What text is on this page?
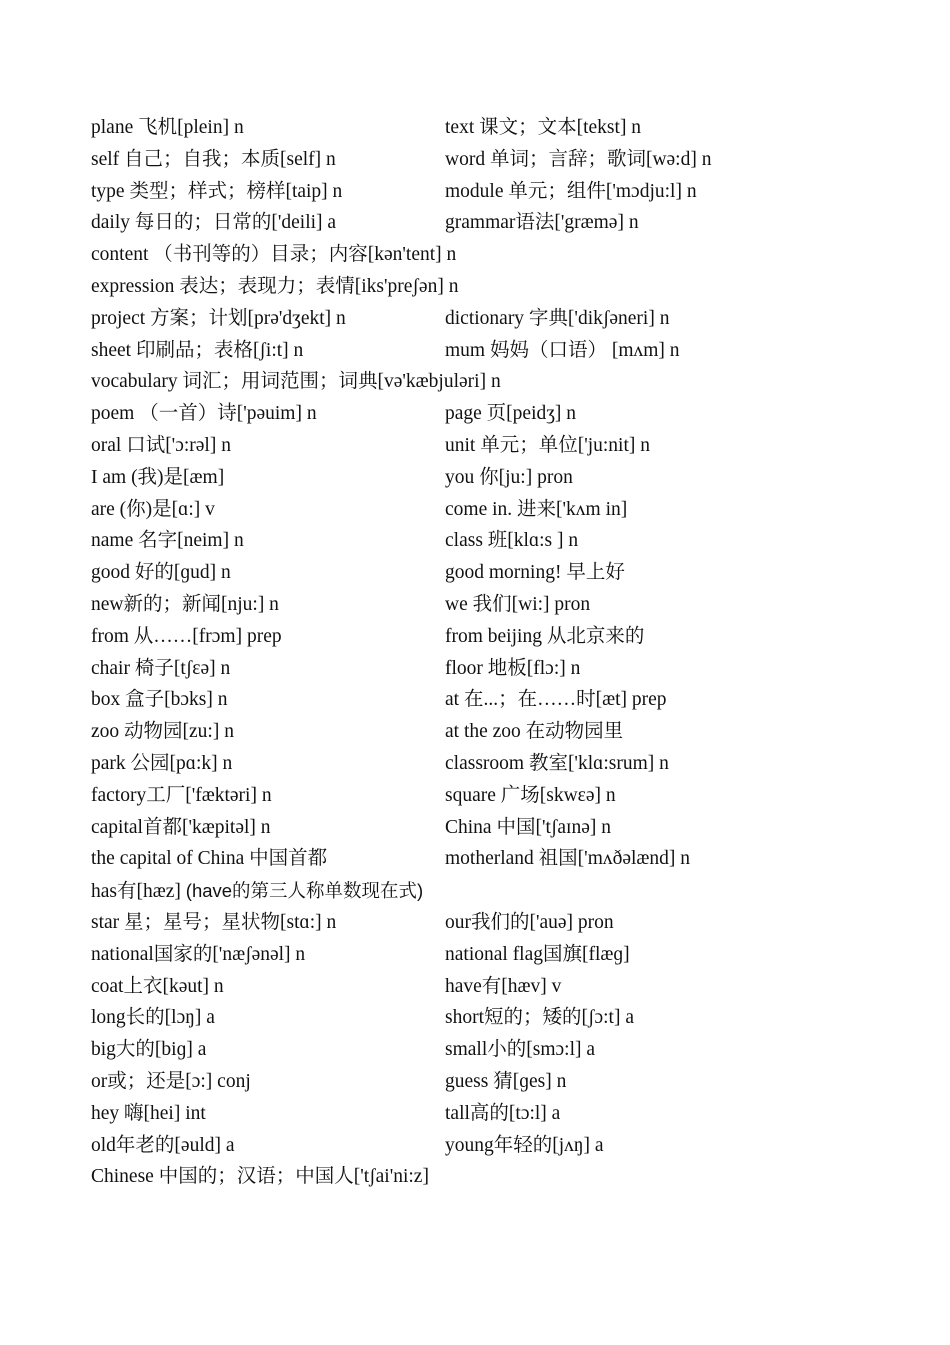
plane 飞机[plein] n	text 课文；文本[tekst] n
self 自己；自我；本质[self] n	word 单词；言辞；歌词[wə:d] n
type 类型；样式；榜样[taip] n	module 单元；组件['mɔdju:l] n
daily 每日的；日常的['deili] a	grammar语法['græmə] n
content （书刊等的）目录；内容[kən'tent] n
expression 表达；表现力；表情[iks'preʃən] n
project 方案；计划[prə'dʒekt] n	dictionary 字典['dikʃəneri] n
sheet 印刷品；表格[ʃi:t] n	mum 妈妈（口语） [mʌm] n
vocabulary 词汇；用词范围；词典[və'kæbjuləri] n
poem （一首）诗['pəuim] n	page 页[peidʒ] n
oral 口试['ɔ:rəl] n	unit 单元；单位['ju:nit] n
I am (我)是[æm]	you 你[ju:] pron
are (你)是[ɑ:] v	come in. 进来['kʌm in]
name 名字[neim] n	class 班[klɑ:s ] n
good 好的[ɡud] n	good morning! 早上好
new新的；新闻[nju:] n	we 我们[wi:] pron
from 从……[frɔm] prep	from beijing 从北京来的
chair 椅子[tʃεə] n	floor 地板[flɔ:] n
box 盒子[bɔks] n	at 在...；在……时[æt] prep
zoo 动物园[zu:] n	at the zoo 在动物园里
park 公园[pɑ:k] n	classroom 教室['klɑ:srum] n
factory工厂['fæktəri] n	square 广场[skwεə] n
capital首都['kæpitəl] n	China 中国['tʃaɪnə] n
the capital of China 中国首都	motherland 祖国['mʌðəlænd] n
has有[hæz] (have的第三人称单数现在式)
star 星；星号；星状物[stɑ:] n	our我们的['auə] pron
national国家的['næʃənəl] n	national flag国旗[flæɡ]
coat上衣[kəut] n	have有[hæv] v
long长的[lɔŋ] a	short短的；矮的[ʃɔ:t] a
big大的[biɡ] a	small小的[smɔ:l] a
or或；还是[ɔ:] conj	guess 猜[ɡes] n
hey 嗨[hei] int	tall高的[tɔ:l] a
old年老的[əuld] a	young年轻的[jʌŋ] a
Chinese 中国的；汉语；中国人['tʃai'ni:z]
